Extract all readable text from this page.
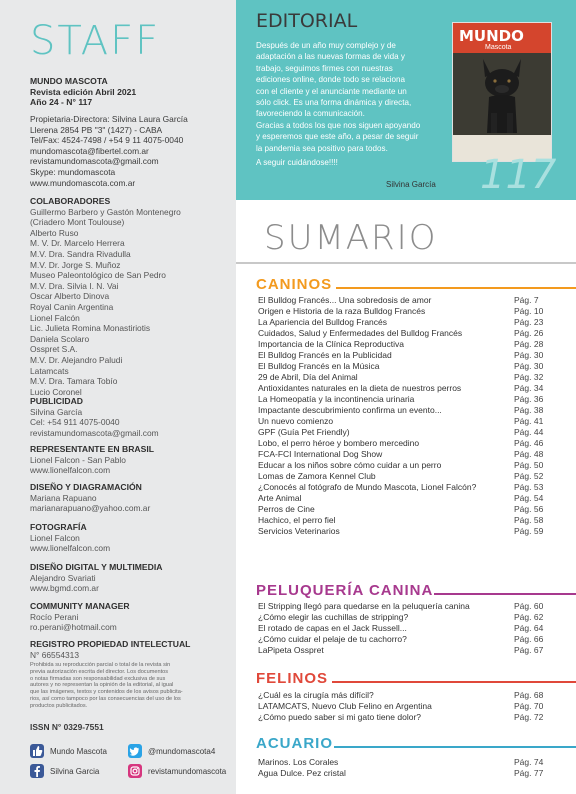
STAFF
MUNDO MASCOTA
Revista edición Abril 2021
Año 24 - N° 117
Propietaria-Directora: Silvina Laura García
Llerena 2854 PB "3" (1427) - CABA
Tel/Fax: 4524-7498 / +54 9 11 4075-0040
mundomascota@fibertel.com.ar
revistamundomascota@gmail.com
Skype: mundomascota
www.mundomascota.com.ar
COLABORADORES
Guillermo Barbero y Gastón Montenegro
(Criadero Mont Toulouse)
Alberto Ruso
M. V. Dr. Marcelo Herrera
M.V. Dra. Sandra Rivadulla
M.V. Dr. Jorge S. Muñoz
Museo Paleontológico de San Pedro
M.V. Dra. Silvia I. N. Vai
Oscar Alberto Dinova
Royal Canin Argentina
Lionel Falcón
Lic. Julieta Romina Monastiriotis
Daniela Scolaro
Osspret S.A.
M.V. Dr. Alejandro Paludi
Latamcats
M.V. Dra. Tamara Tobío
Lucio Coronel
PUBLICIDAD
Silvina García
Cel: +54 911 4075-0040
revistamundomascota@gmail.com
REPRESENTANTE EN BRASIL
Lionel Falcon - San Pablo
www.lionelfalcon.com
DISEÑO Y DIAGRAMACIÓN
Mariana Rapuano
marianarapuano@yahoo.com.ar
FOTOGRAFÍA
Lionel Falcon
www.lionelfalcon.com
DISEÑO DIGITAL Y MULTIMEDIA
Alejandro Svariati
www.bgmd.com.ar
COMMUNITY MANAGER
Rocío Perani
ro.perani@hotmail.com
REGISTRO PROPIEDAD INTELECTUAL
N° 66554313
Prohibida su reproducción parcial o total de la revista sin
previa autorización escrita del director. Los documentos
o notas firmadas son responsabilidad exclusiva de sus
autores y no representan la opinión de la editorial, al igual
que las imágenes, textos y contenidos de los avisos publicita-
rios, así como tampoco por las consecuencias del uso de los
productos publicitados.
ISSN N° 0329-7551
Mundo Mascota	@mundomascota4
Silvina Garcia	revistamundomascota
EDITORIAL
Después de un año muy complejo y de
adaptación a las nuevas formas de vida y
trabajo, seguimos firmes con nuestras
ediciones online, donde todo se relaciona
con el cliente y el anunciante mediante un
sólo click. Es una forma dinámica y directa,
favoreciendo la comunicación.
Gracias a todos los que nos siguen apoyando
y esperemos que este año, a pesar de seguir
la pandemia sea positivo para todos.
A seguir cuidándose!!!!
Silvina García
MUNDO
Mascota
117
SUMARIO
CANINOS
El Bulldog Francés... Una sobredosis de amor	Pág. 7
Origen e Historia de la raza Bulldog Francés	Pág. 10
La Apariencia del Bulldog Francés	Pág. 23
Cuidados, Salud y Enfermedades del Bulldog Francés	Pág. 26
Importancia de la Clínica Reproductiva	Pág. 28
El Bulldog Francés en la Publicidad	Pág. 30
El Bulldog Francés en la Música	Pág. 30
29 de Abril, Día del Animal	Pág. 32
Antioxidantes naturales en la dieta de nuestros perros	Pág. 34
La Homeopatía y la incontinencia urinaria	Pág. 36
Impactante descubrimiento confirma un evento...	Pág. 38
Un nuevo comienzo	Pág. 41
GPF (Guía Pet Friendly)	Pág. 44
Lobo, el perro héroe y bombero mercedino	Pág. 46
FCA-FCI International Dog Show	Pág. 48
Educar a los niños sobre cómo cuidar a un perro	Pág. 50
Lomas de Zamora Kennel Club	Pág. 52
¿Conocés al fotógrafo de Mundo Mascota, Lionel Falcón?	Pág. 53
Arte Animal	Pág. 54
Perros de Cine	Pág. 56
Hachico, el perro fiel	Pág. 58
Servicios Veterinarios	Pág. 59
PELUQUERÍA CANINA
El Stripping llegó para quedarse en la peluquería canina	Pág. 60
¿Cómo elegir las cuchillas de stripping?	Pág. 62
El rotado de capas en el Jack Russell...	Pág. 64
¿Cómo cuidar el pelaje de tu cachorro?	Pág. 66
LaPipeta Osspret	Pág. 67
FELINOS
¿Cuál es la cirugía más difícil?	Pág. 68
LATAMCATS, Nuevo Club Felino en Argentina	Pág. 70
¿Cómo puedo saber si mi gato tiene dolor?	Pág. 72
ACUARIO
Marinos. Los Corales	Pág. 74
Agua Dulce. Pez cristal	Pág. 77
